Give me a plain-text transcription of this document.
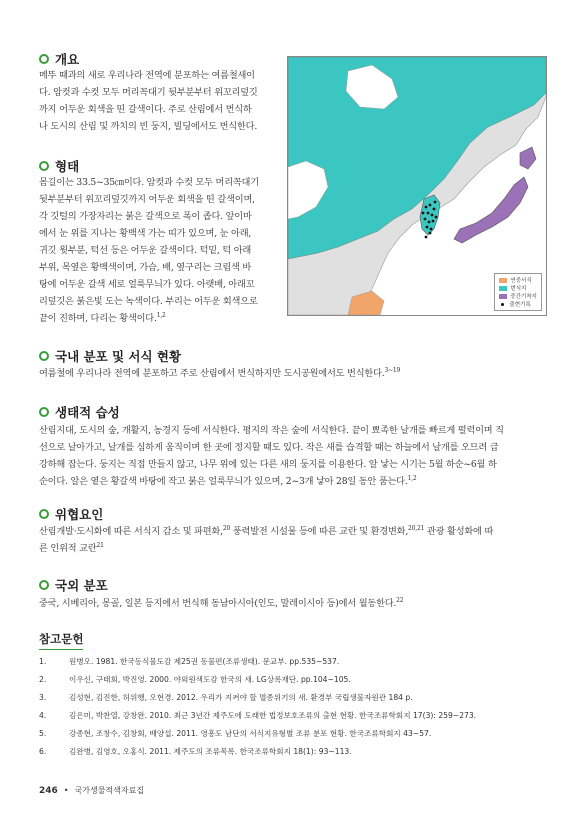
개요
메뚜 때과의 새로 우리나라 전역에 분포하는 여름철새이
다. 암컷과 수컷 모두 머리꼭대기 뒷부분부터 위꼬리덮깃
까지 어두운 회색을 띤 갈색이다. 주로 산림에서 번식하
나 도시의 산림 및 까치의 빈 둥지, 빌딩에서도 번식한다.
형태
몸길이는 33.5~35㎝이다. 암컷과 수컷 모두 머리꼭대기
뒷부분부터 위꼬리덮깃까지 어두운 회색을 띤 갈색이며,
각 깃털의 가장자리는 붉은 갈색으로 폭이 좁다. 앞이마
에서 눈 위를 지나는 황백색 가는 띠가 있으며, 눈 아래,
귀깃 윗부분, 턱선 등은 어두운 갈색이다. 턱밑, 턱 아래
부위, 목옆은 황백색이며, 가슴, 배, 옆구리는 크림색 바
탕에 어두운 갈색 세로 얼룩무늬가 있다. 아랫배, 아래꼬
리덮깃은 붉은빛 도는 녹색이다. 부리는 어두운 회색으로
끝이 진하며, 다리는 황색이다.$^{1,2}$
연중서식
번식지
중간기착지
출현기록
국내 분포 및 서식 현황
여름철에 우리나라 전역에 분포하고 주로 산림에서 번식하지만 도시공원에서도 번식한다.$^{3\sim 19}$
생태적 습성
산림지대, 도시의 숲, 개활지, 농경지 등에 서식한다. 평지의 작은 숲에 서식한다. 끝이 뾰족한 날개를 빠르게 펄럭이며 직
선으로 날아가고, 날개를 심하게 움직이며 한 곳에 정지할 때도 있다. 작은 새를 습격할 때는 하늘에서 날개를 오므려 급
강하해 잡는다. 둥지는 직접 만들지 않고, 나무 위에 있는 다른 새의 둥지를 이용한다. 알 낳는 시기는 5월 하순~6월 하
순이다. 알은 옅은 황갈색 바탕에 작고 붉은 얼룩무늬가 있으며, 2~3개 낳아 28일 동안 품는다.$^{1,2}$
위협요인
산림개발·도시화에 따른 서식지 감소 및 파편화,$^{20}$ 풍력발전 시설물 등에 따른 교란 및 환경변화,$^{20,21}$ 관광 활성화에 따
른 인위적 교란$^{21}$
국외 분포
중국, 시베리아, 몽골, 일본 등지에서 번식해 동남아시아(인도, 말레이시아 등)에서 월동한다.$^{22}$
참고문헌
1.	원병오. 1981. 한국동식물도감 제25권 동물편(조류생태). 문교부. pp.535~537.
2.	이우신, 구태회, 박진영. 2000. 야외원색도감 한국의 새. LG상록재단. pp.104~105.
3.	김성현, 김진한, 허위행, 오현경. 2012. 우리가 지켜야 할 멸종위기의 새. 환경부 국립생물자원관 184 p.
4.	김은미, 박찬열, 강창완. 2010. 최근 3년간 제주도에 도래한 법정보호조류의 출현 현황. 한국조류학회지 17(3): 259~273.
5.	강종현, 조창수, 김창회, 배양섭. 2011. 영흥도 남단의 서식지유형별 조류 분포 현황. 한국조류학회지 43~57.
6.	김완병, 김영호, 오홍식. 2011. 제주도의 조류목록. 한국조류학회지 18(1): 93~113.
246 • 국가생물적색자료집
